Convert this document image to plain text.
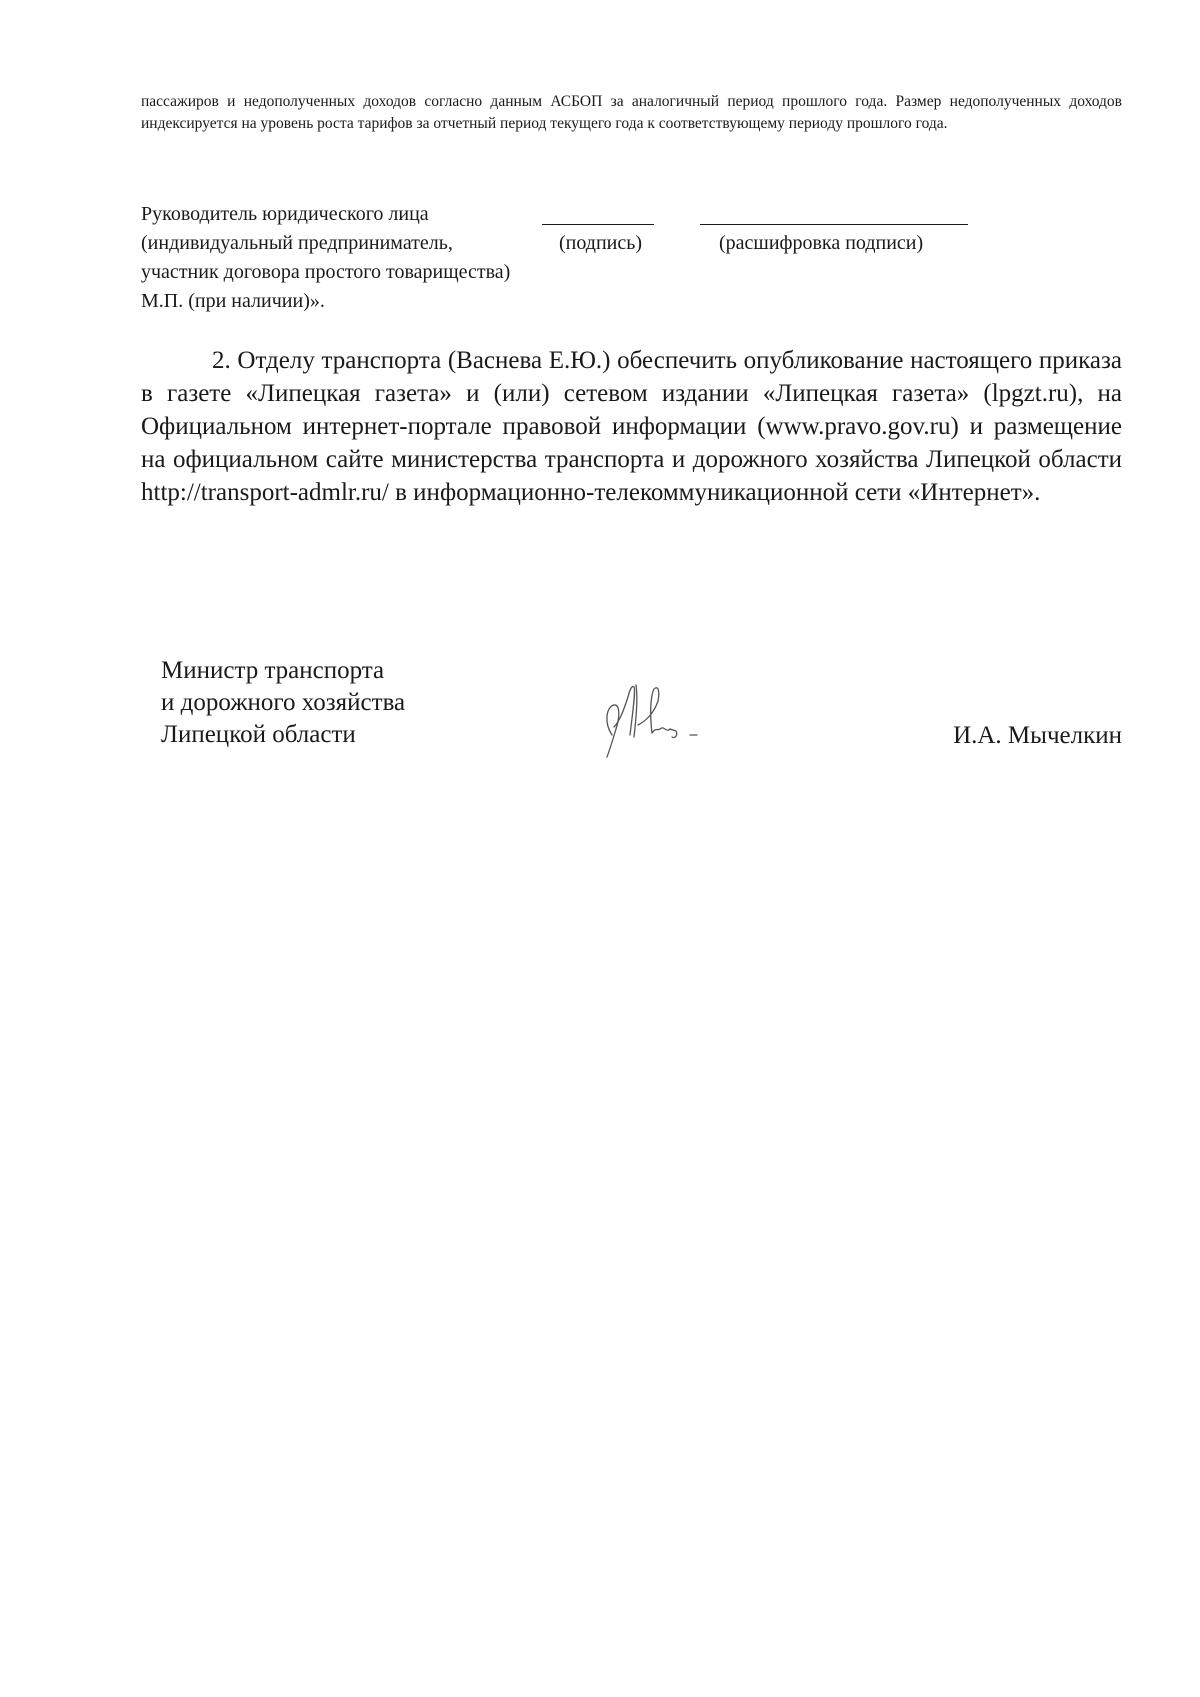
пассажиров и недополученных доходов согласно данным АСБОП за аналогичный период прошлого года. Размер недополученных доходов индексируется на уровень роста тарифов за отчетный период текущего года к соответствующему периоду прошлого года.

Руководитель юридического лица
(индивидуальный предприниматель,	(подпись)	(расшифровка подписи)
участник договора простого товарищества)
М.П. (при наличии)».

2. Отделу транспорта (Васнева Е.Ю.) обеспечить опубликование настоящего приказа в газете «Липецкая газета» и (или) сетевом издании «Липецкая газета» (lpgzt.ru), на Официальном интернет-портале правовой информации (www.pravo.gov.ru) и размещение на официальном сайте министерства транспорта и дорожного хозяйства Липецкой области http://transport-admlr.ru/ в информационно-телекоммуникационной сети «Интернет».

Министр транспорта
и дорожного хозяйства
Липецкой области	И.А. Мычелкин
